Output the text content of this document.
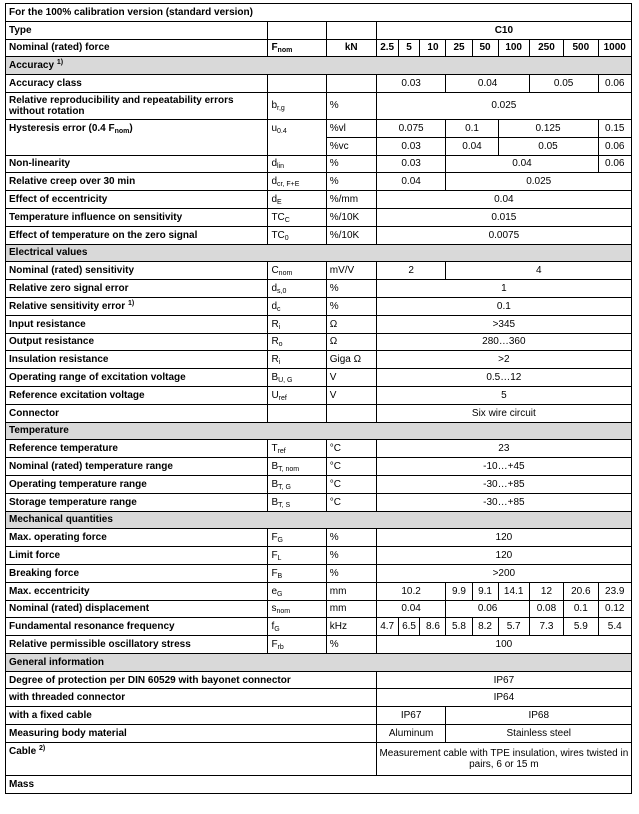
For the 100% calibration version (standard version)											
Type			C10								
Nominal (rated) force	$F_{nom}$	kN	2.5	5	10	25	50	100	250	500	1000
Accuracy $^{1)}$
Accuracy class			0.03			0.04			0.05		0.06
Relative reproducibility and repeatability errors without rotation	$b_{r,g}$	%	0.025								
Hysteresis error (0.4 $F_{nom}$)	$u_{0.4}$	%vl	0.075			0.1		0.125			0.15
		%vc	0.03			0.04		0.05			0.06
Non-linearity	$d_{lin}$	%	0.03			0.04					0.06
Relative creep over 30 min	$d_{cr, F+E}$	%	0.04			0.025					
Effect of eccentricity	$d_E$	%/mm	0.04								
Temperature influence on sensitivity	$TC_C$	%/10K	0.015								
Effect of temperature on the zero signal	$TC_0$	%/10K	0.0075								
Electrical values											
Nominal (rated) sensitivity	$C_{nom}$	mV/V	2			4					
Relative zero signal error	$d_{s,0}$	%	1								
Relative sensitivity error $^{1)}$	$d_c$	%	0.1								
Input resistance	$R_i$	Ω	>345								
Output resistance	$R_o$	Ω	280…360								
Insulation resistance	$R_i$	Giga Ω	>2								
Operating range of excitation voltage	$B_{U, G}$	V	0.5…12								
Reference excitation voltage	$U_{ref}$	V	5								
Connector			Six wire circuit								
Temperature											
Reference temperature	$T_{ref}$	°C	23								
Nominal (rated) temperature range	$B_{T, nom}$	°C	-10…+45								
Operating temperature range	$B_{T, G}$	°C	-30…+85								
Storage temperature range	$B_{T, S}$	°C	-30…+85								
Mechanical quantities											
Max. operating force	$F_G$	%	120								
Limit force	$F_L$	%	120								
Breaking force	$F_B$	%	>200								
Max. eccentricity	$e_G$	mm	10.2			9.9	9.1	14.1	12	20.6	23.9
Nominal (rated) displacement	$s_{nom}$	mm	0.04			0.06			0.08	0.1	0.12
Fundamental resonance frequency	$f_G$	kHz	4.7	6.5	8.6	5.8	8.2	5.7	7.3	5.9	5.4
Relative permissible oscillatory stress	$F_{rb}$	%	100								
General information											
Degree of protection per DIN 60529 with bayonet connector			IP67								
with threaded connector			IP64								
with a fixed cable			IP67			IP68					
Measuring body material			Aluminum			Stainless steel					
Cable $^{2)}$			Measurement cable with TPE insulation, wires twisted in pairs, 6 or 15 m								
Mass											
